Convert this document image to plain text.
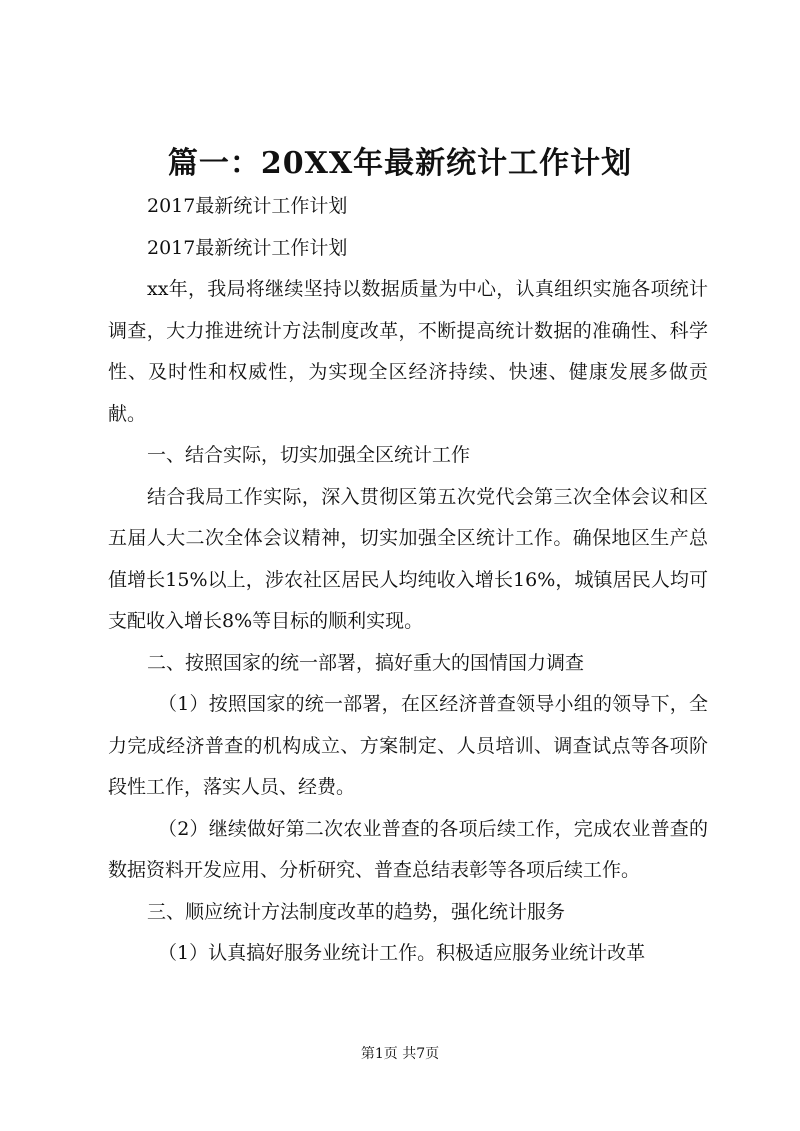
篇一：20XX年最新统计工作计划

2017最新统计工作计划

2017最新统计工作计划

xx年，我局将继续坚持以数据质量为中心，认真组织实施各项统计调查，大力推进统计方法制度改革，不断提高统计数据的准确性、科学性、及时性和权威性，为实现全区经济持续、快速、健康发展多做贡献。

一、结合实际，切实加强全区统计工作

结合我局工作实际，深入贯彻区第五次党代会第三次全体会议和区五届人大二次全体会议精神，切实加强全区统计工作。确保地区生产总值增长15%以上，涉农社区居民人均纯收入增长16%，城镇居民人均可支配收入增长8%等目标的顺利实现。

二、按照国家的统一部署，搞好重大的国情国力调查

（1）按照国家的统一部署，在区经济普查领导小组的领导下，全力完成经济普查的机构成立、方案制定、人员培训、调查试点等各项阶段性工作，落实人员、经费。

（2）继续做好第二次农业普查的各项后续工作，完成农业普查的数据资料开发应用、分析研究、普查总结表彰等各项后续工作。

三、顺应统计方法制度改革的趋势，强化统计服务

（1）认真搞好服务业统计工作。积极适应服务业统计改革

第1页 共7页
